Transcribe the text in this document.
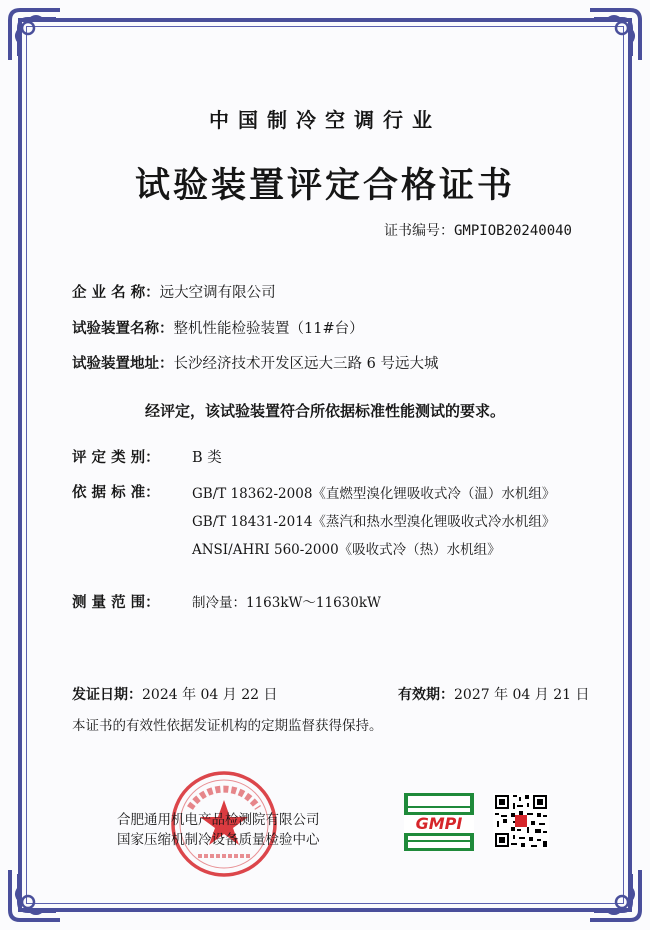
中国制冷空调行业
试验装置评定合格证书
证书编号：GMPIOB20240040
企 业 名 称：远大空调有限公司
试验装置名称：整机性能检验装置（11#台）
试验装置地址：长沙经济技术开发区远大三路 6 号远大城
经评定，该试验装置符合所依据标准性能测试的要求。
评 定 类 别： B 类
依 据 标 准： GB/T 18362-2008《直燃型溴化锂吸收式冷（温）水机组》
GB/T 18431-2014《蒸汽和热水型溴化锂吸收式冷水机组》
ANSI/AHRI 560-2000《吸收式冷（热）水机组》
测 量 范 围： 制冷量：1163kW～11630kW
发证日期：2024 年 04 月 22 日	有效期：2027 年 04 月 21 日
本证书的有效性依据发证机构的定期监督获得保持。
合肥通用机电产品检测院有限公司
国家压缩机制冷设备质量检验中心
GMPI
